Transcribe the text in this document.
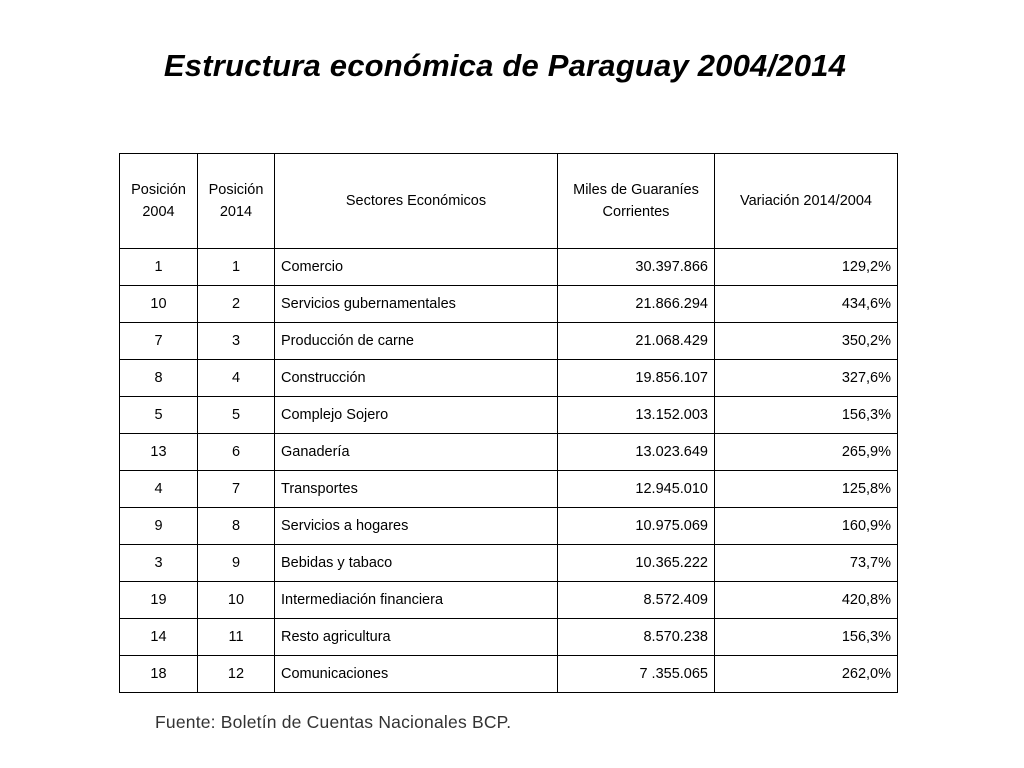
Estructura económica de Paraguay 2004/2014
Posición 2004	Posición 2014	Sectores Económicos	Miles de Guaraníes Corrientes	Variación 2014/2004
1	1	Comercio	30.397.866	129,2%
10	2	Servicios gubernamentales	21.866.294	434,6%
7	3	Producción de carne	21.068.429	350,2%
8	4	Construcción	19.856.107	327,6%
5	5	Complejo Sojero	13.152.003	156,3%
13	6	Ganadería	13.023.649	265,9%
4	7	Transportes	12.945.010	125,8%
9	8	Servicios a hogares	10.975.069	160,9%
3	9	Bebidas y tabaco	10.365.222	73,7%
19	10	Intermediación financiera	8.572.409	420,8%
14	11	Resto agricultura	8.570.238	156,3%
18	12	Comunicaciones	7 .355.065	262,0%
Fuente: Boletín de Cuentas Nacionales BCP.
